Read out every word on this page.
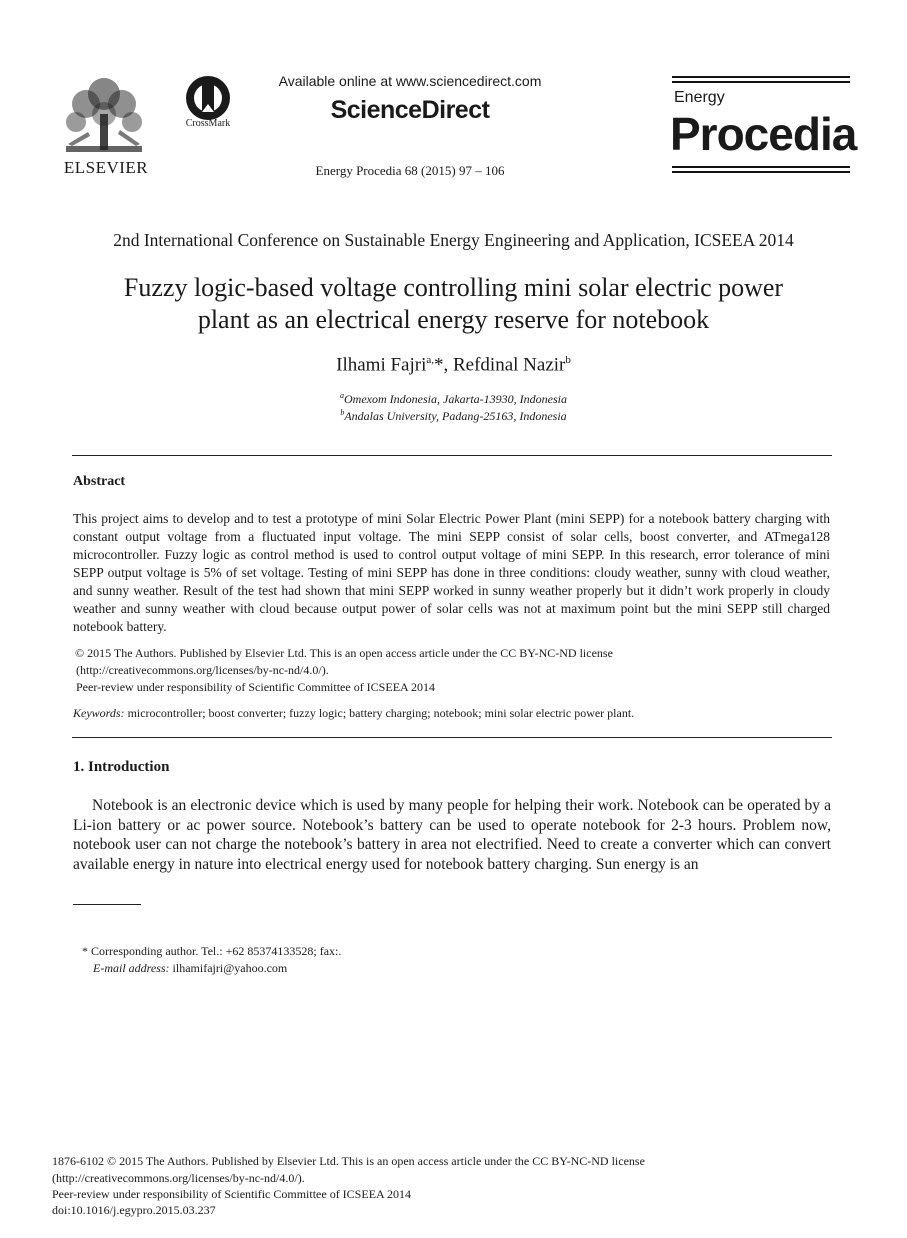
ELSEVIER
CrossMark
Available online at www.sciencedirect.com
ScienceDirect
Energy Procedia 68 (2015) 97 – 106
Energy
Procedia
2nd International Conference on Sustainable Energy Engineering and Application, ICSEEA 2014
Fuzzy logic-based voltage controlling mini solar electric power
plant as an electrical energy reserve for notebook
Ilhami Fajri$^{a,}$*, Refdinal Nazir$^b$
$^a$Omexom Indonesia, Jakarta-13930, Indonesia
$^b$Andalas University, Padang-25163, Indonesia
Abstract
This project aims to develop and to test a prototype of mini Solar Electric Power Plant (mini SEPP) for a notebook battery charging with constant output voltage from a fluctuated input voltage. The mini SEPP consist of solar cells, boost converter, and ATmega128 microcontroller. Fuzzy logic as control method is used to control output voltage of mini SEPP. In this research, error tolerance of mini SEPP output voltage is 5% of set voltage. Testing of mini SEPP has done in three conditions: cloudy weather, sunny with cloud weather, and sunny weather. Result of the test had shown that mini SEPP worked in sunny weather properly but it didn’t work properly in cloudy weather and sunny weather with cloud because output power of solar cells was not at maximum point but the mini SEPP still charged notebook battery.
© 2015 The Authors. Published by Elsevier Ltd. This is an open access article under the CC BY-NC-ND license
(http://creativecommons.org/licenses/by-nc-nd/4.0/).
Peer-review under responsibility of Scientific Committee of ICSEEA 2014
Keywords: microcontroller; boost converter; fuzzy logic; battery charging; notebook; mini solar electric power plant.
1. Introduction
Notebook is an electronic device which is used by many people for helping their work. Notebook can be operated by a Li-ion battery or ac power source. Notebook’s battery can be used to operate notebook for 2-3 hours. Problem now, notebook user can not charge the notebook’s battery in area not electrified. Need to create a converter which can convert available energy in nature into electrical energy used for notebook battery charging. Sun energy is an
* Corresponding author. Tel.: +62 85374133528; fax:.
E-mail address: ilhamifajri@yahoo.com
1876-6102 © 2015 The Authors. Published by Elsevier Ltd. This is an open access article under the CC BY-NC-ND license
(http://creativecommons.org/licenses/by-nc-nd/4.0/).
Peer-review under responsibility of Scientific Committee of ICSEEA 2014
doi:10.1016/j.egypro.2015.03.237
